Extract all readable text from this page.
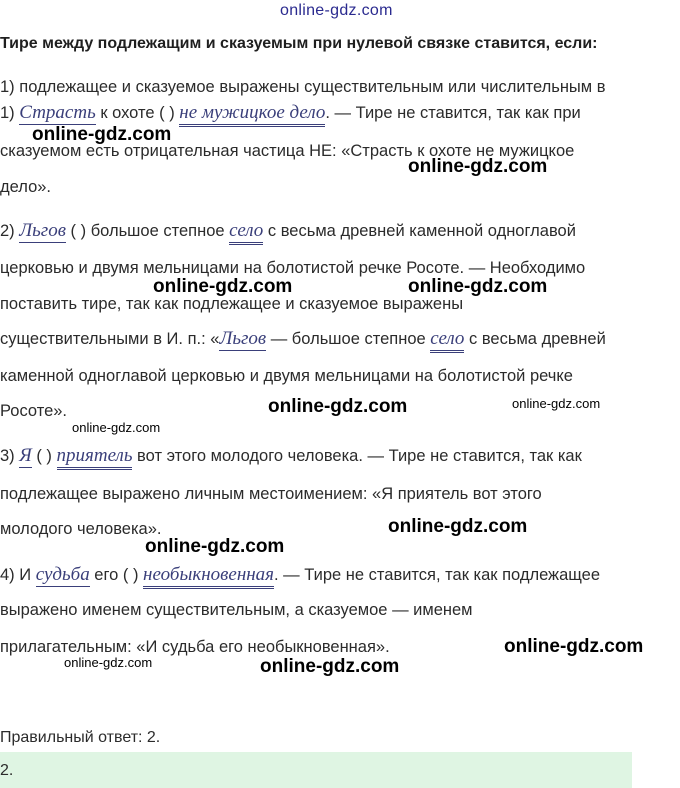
online-gdz.com
Тире между подлежащим и сказуемым при нулевой связке ставится, если:
1) подлежащее и сказуемое выражены существительным или числительным в
1) Страсть к охоте ( ) не мужицкое дело. — Тире не ставится, так как при
сказуемом есть отрицательная частица НЕ: «Страсть к охоте не мужицкое
дело».
2) Льгов ( ) большое степное село с весьма древней каменной одноглавой
церковью и двумя мельницами на болотистой речке Росоте. — Необходимо
поставить тире, так как подлежащее и сказуемое выражены
существительными в И. п.: «Льгов — большое степное село с весьма древней
каменной одноглавой церковью и двумя мельницами на болотистой речке
Росоте».
3) Я ( ) приятель вот этого молодого человека. — Тире не ставится, так как
подлежащее выражено личным местоимением: «Я приятель вот этого
молодого человека».
4) И судьба его ( ) необыкновенная. — Тире не ставится, так как подлежащее
выражено именем существительным, а сказуемое — именем
прилагательным: «И судьба его необыкновенная».
Правильный ответ: 2.
2.
online-gdz.com
online-gdz.com
online-gdz.com	online-gdz.com
online-gdz.com	online-gdz.com
online-gdz.com
online-gdz.com
online-gdz.com
online-gdz.com
online-gdz.com	online-gdz.com
